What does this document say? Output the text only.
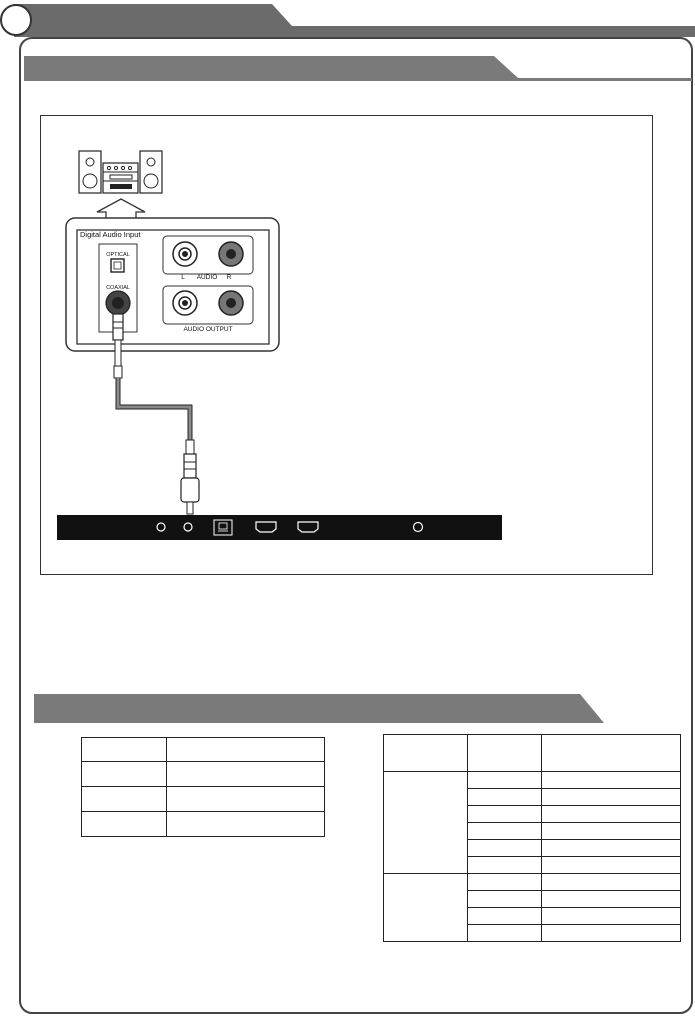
Digital Audio Input
OPTICAL
COAXIAL
L AUDIO R
AUDIO OUTPUT
